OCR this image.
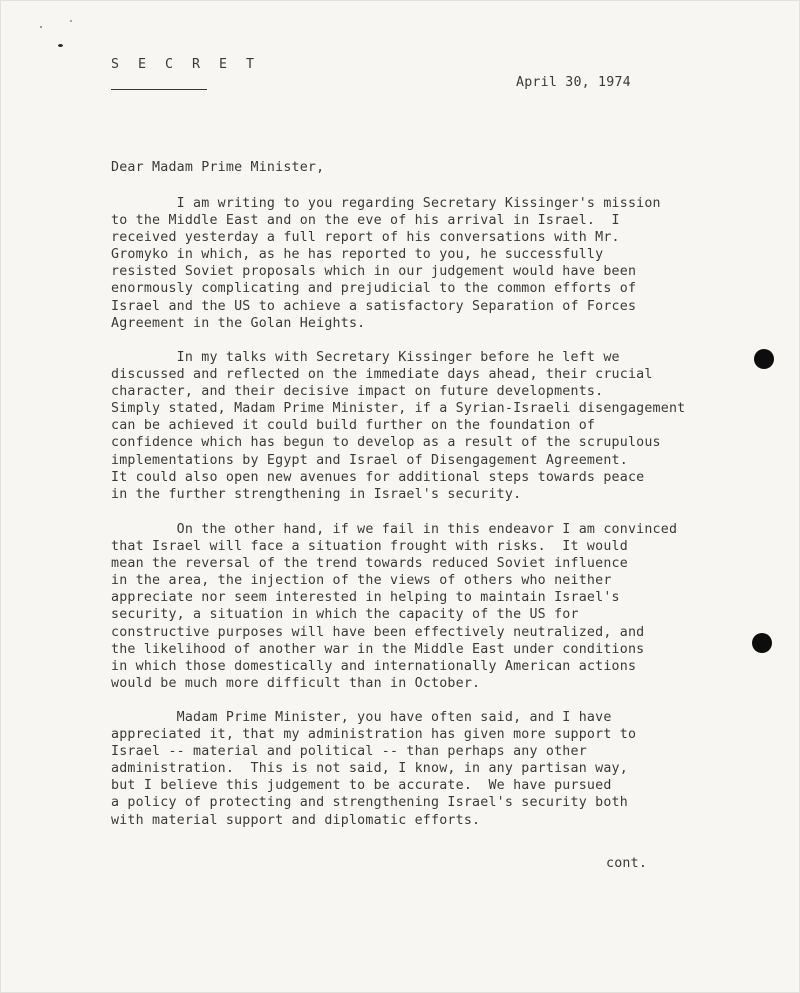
S E C R E T
April 30, 1974
Dear Madam Prime Minister,
I am writing to you regarding Secretary Kissinger's mission
to the Middle East and on the eve of his arrival in Israel.  I
received yesterday a full report of his conversations with Mr.
Gromyko in which, as he has reported to you, he successfully
resisted Soviet proposals which in our judgement would have been
enormously complicating and prejudicial to the common efforts of
Israel and the US to achieve a satisfactory Separation of Forces
Agreement in the Golan Heights.
In my talks with Secretary Kissinger before he left we
discussed and reflected on the immediate days ahead, their crucial
character, and their decisive impact on future developments.
Simply stated, Madam Prime Minister, if a Syrian-Israeli disengagement
can be achieved it could build further on the foundation of
confidence which has begun to develop as a result of the scrupulous
implementations by Egypt and Israel of Disengagement Agreement.
It could also open new avenues for additional steps towards peace
in the further strengthening in Israel's security.
On the other hand, if we fail in this endeavor I am convinced
that Israel will face a situation frought with risks.  It would
mean the reversal of the trend towards reduced Soviet influence
in the area, the injection of the views of others who neither
appreciate nor seem interested in helping to maintain Israel's
security, a situation in which the capacity of the US for
constructive purposes will have been effectively neutralized, and
the likelihood of another war in the Middle East under conditions
in which those domestically and internationally American actions
would be much more difficult than in October.
Madam Prime Minister, you have often said, and I have
appreciated it, that my administration has given more support to
Israel -- material and political -- than perhaps any other
administration.  This is not said, I know, in any partisan way,
but I believe this judgement to be accurate.  We have pursued
a policy of protecting and strengthening Israel's security both
with material support and diplomatic efforts.
cont.
